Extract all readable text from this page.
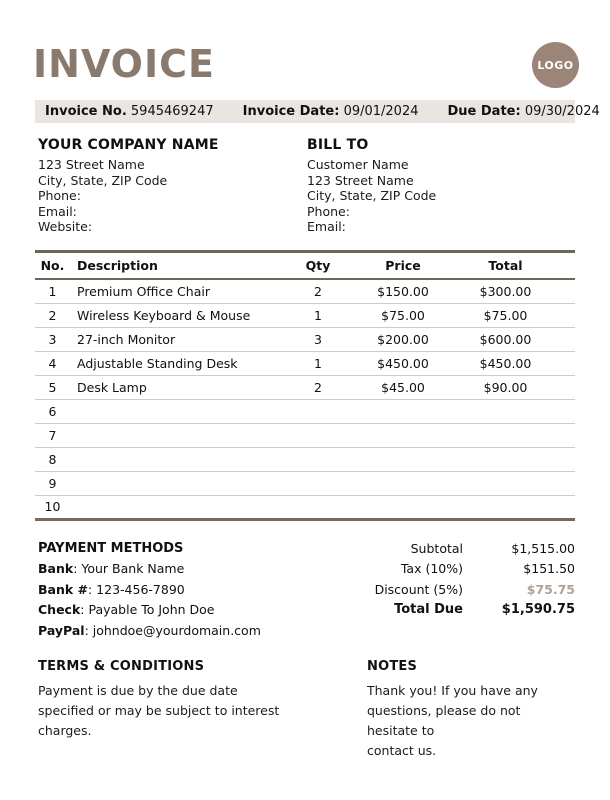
INVOICE	LOGO
Invoice No. 5945469247 Invoice Date: 09/01/2024 Due Date: 09/30/2024
YOUR COMPANY NAME
123 Street Name
City, State, ZIP Code
Phone:
Email:
Website:
BILL TO
Customer Name
123 Street Name
City, State, ZIP Code
Phone:
Email:
No.	Description	Qty	Price	Total
1	Premium Office Chair	2	$150.00	$300.00
2	Wireless Keyboard & Mouse	1	$75.00	$75.00
3	27-inch Monitor	3	$200.00	$600.00
4	Adjustable Standing Desk	1	$450.00	$450.00
5	Desk Lamp	2	$45.00	$90.00
6				
7				
8				
9				
10				
PAYMENT METHODS
Bank: Your Bank Name
Bank #: 123-456-7890
Check: Payable To John Doe
PayPal: johndoe@yourdomain.com
Subtotal	$1,515.00
Tax (10%)	$151.50
Discount (5%)	$75.75
Total Due	$1,590.75
TERMS & CONDITIONS
Payment is due by the due date
specified or may be subject to interest
charges.
NOTES
Thank you! If you have any
questions, please do not hesitate to
contact us.
